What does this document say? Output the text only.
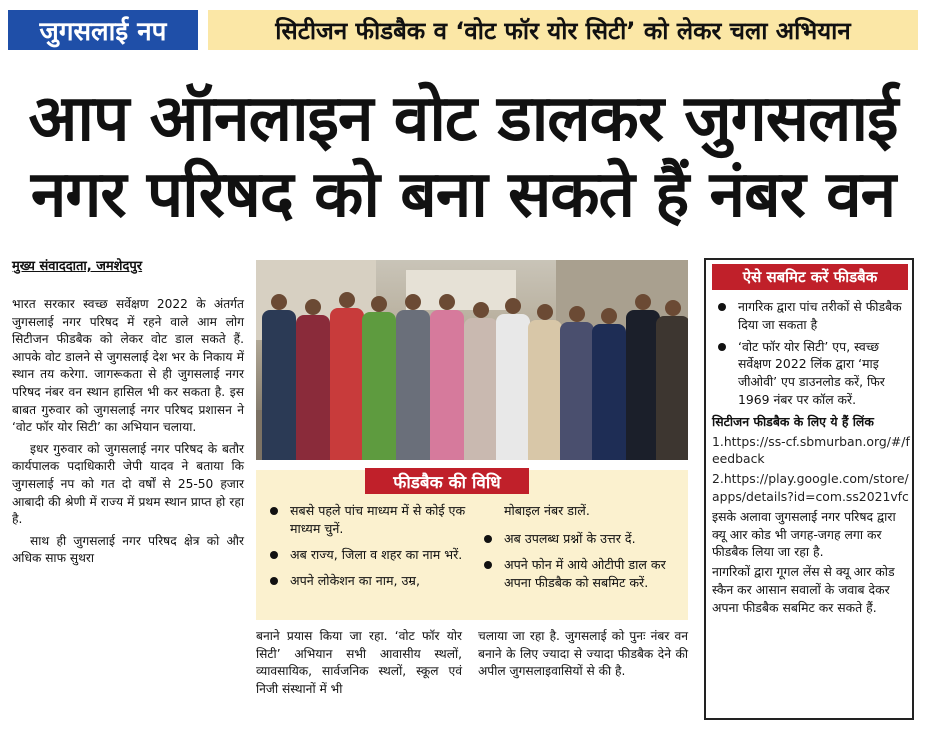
जुगसलाई नप	सिटीजन फीडबैक व ‘वोट फॉर योर सिटी’ को लेकर चला अभियान
आप ऑनलाइन वोट डालकर जुगसलाई
नगर परिषद को बना सकते हैं नंबर वन
मुख्य संवाददाता, जमशेदपुर

भारत सरकार स्वच्छ सर्वेक्षण 2022 के अंतर्गत जुगसलाई नगर परिषद में रहने वाले आम लोग सिटीजन फीडबैक को लेकर वोट डाल सकते हैं. आपके वोट डालने से जुगसलाई देश भर के निकाय में स्थान तय करेगा. जागरूकता से ही जुगसलाई नगर परिषद नंबर वन स्थान हासिल भी कर सकता है. इस बाबत गुरुवार को जुगसलाई नगर परिषद प्रशासन ने ‘वोट फॉर योर सिटी’ का अभियान चलाया.

इधर गुरुवार को जुगसलाई नगर परिषद के बतौर कार्यपालक पदाधिकारी जेपी यादव ने बताया कि जुगसलाई नप को गत दो वर्षों से 25-50 हजार आबादी की श्रेणी में राज्य में प्रथम स्थान प्राप्त हो रहा है.

साथ ही जुगसलाई नगर परिषद क्षेत्र को और अधिक साफ सुथरा

फीडबैक की विधि
सबसे पहले पांच माध्यम में से कोई एक माध्यम चुनें.
अब राज्य, जिला व शहर का नाम भरें.
अपने लोकेशन का नाम, उम्र,
मोबाइल नंबर डालें.
अब उपलब्ध प्रश्नों के उत्तर दें.
अपने फोन में आये ओटीपी डाल कर अपना फीडबैक को सबमिट करें.
बनाने प्रयास किया जा रहा. ‘वोट फॉर योर सिटी’ अभियान सभी आवासीय स्थलों, व्यावसायिक, सार्वजनिक स्थलों, स्कूल एवं निजी संस्थानों में भी
चलाया जा रहा है. जुगसलाई को पुनः नंबर वन बनाने के लिए ज्यादा से ज्यादा फीडबैक देने की अपील जुगसलाइवासियों से की है.
ऐसे सबमिट करें फीडबैक
नागरिक द्वारा पांच तरीकों से फीडबैक दिया जा सकता है
‘वोट फॉर योर सिटी’ एप, स्वच्छ सर्वेक्षण 2022 लिंक द्वारा ‘माइ जीओवी’ एप डाउनलोड करें, फिर 1969 नंबर पर कॉल करें.
सिटीजन फीडबैक के लिए ये हैं लिंक
1.https://ss-cf.sbmurban.org/#/feedback
2.https://play.google.com/store/apps/details?id=com.ss2021vfc
इसके अलावा जुगसलाई नगर परिषद द्वारा क्यू आर कोड भी जगह-जगह लगा कर फीडबैक लिया जा रहा है.
नागरिकों द्वारा गूगल लेंस से क्यू आर कोड स्कैन कर आसान सवालों के जवाब देकर अपना फीडबैक सबमिट कर सकते हैं.
